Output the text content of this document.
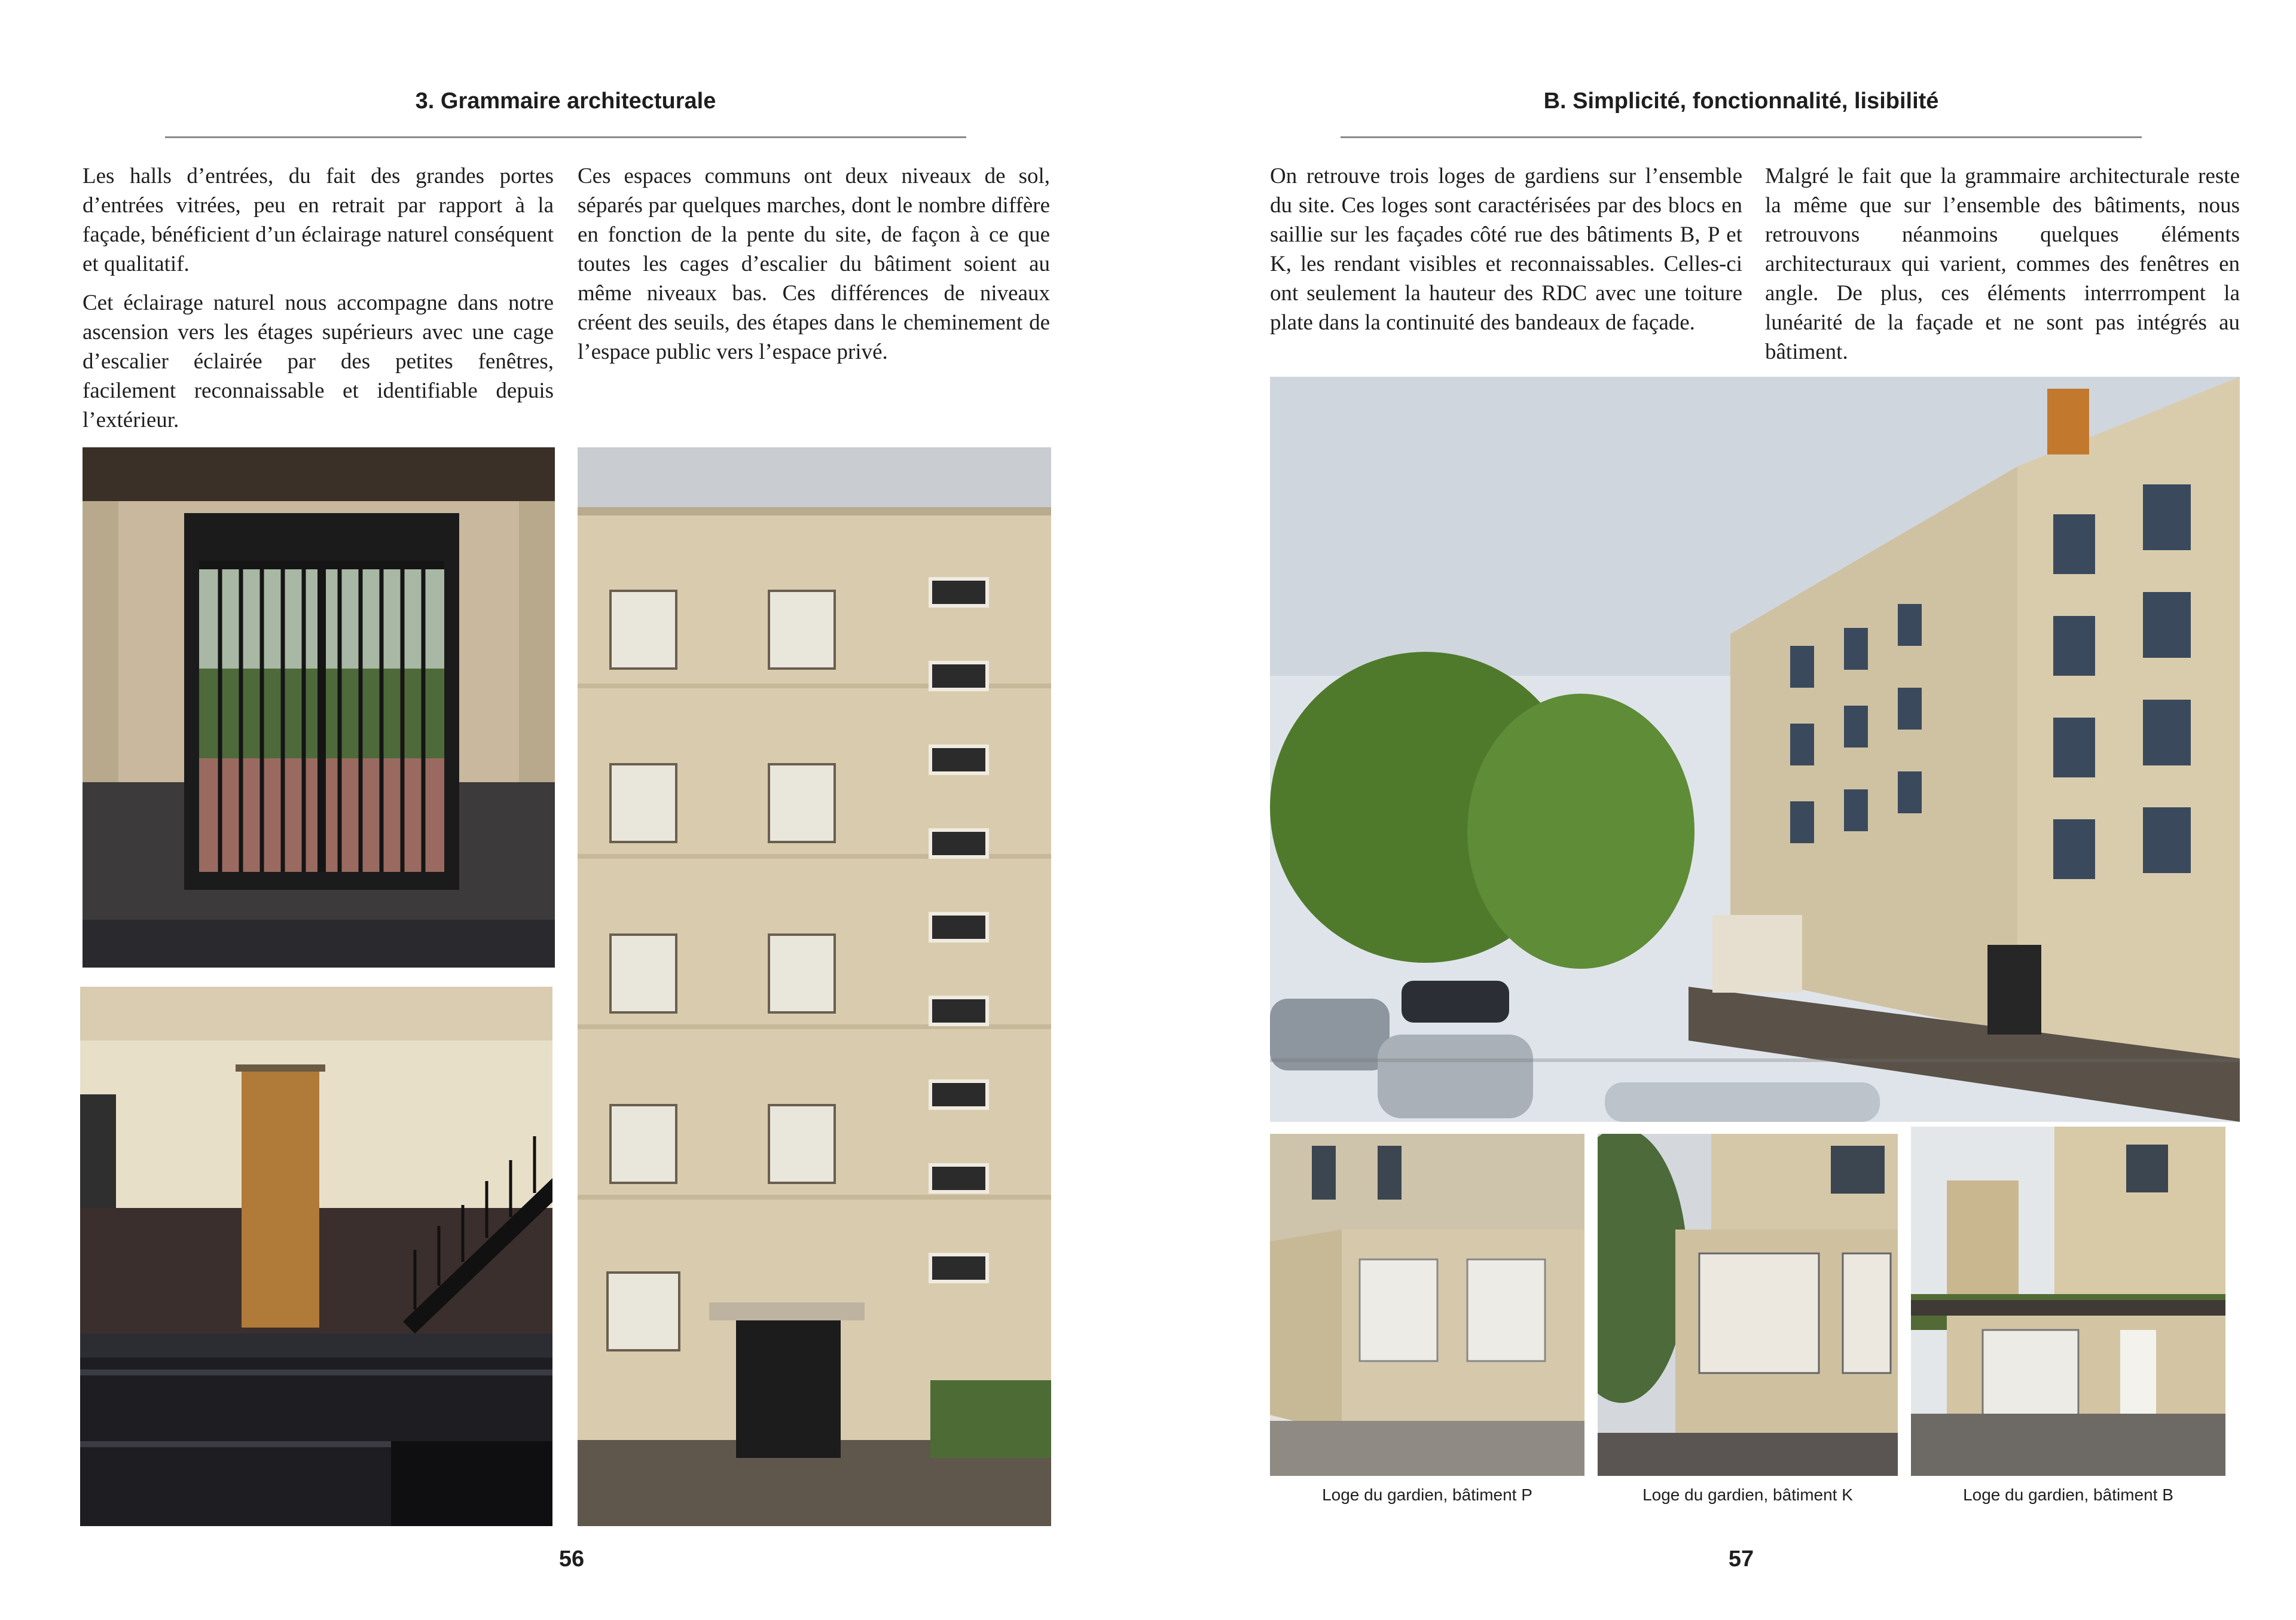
3. Grammaire architecturale

Les halls d’entrées, du fait des grandes portes d’entrées vitrées, peu en retrait par rapport à la façade, bénéficient d’un éclairage naturel conséquent et qualitatif.

Cet éclairage naturel nous accompagne dans notre ascension vers les étages supérieurs avec une cage d’escalier éclairée par des petites fenêtres, facilement reconnaissable et identifiable depuis l’extérieur.

Ces espaces communs ont deux niveaux de sol, séparés par quelques marches, dont le nombre diffère en fonction de la pente du site, de façon à ce que toutes les cages d’escalier du bâtiment soient au même niveaux bas. Ces différences de niveaux créent des seuils, des étapes dans le cheminement de l’espace public vers l’espace privé.

56
B. Simplicité, fonctionnalité, lisibilité

On retrouve trois loges de gardiens sur l’ensemble du site. Ces loges sont caractérisées par des blocs en saillie sur les façades côté rue des bâtiments B, P et K, les rendant visibles et reconnaissables. Celles-ci ont seulement la hauteur des RDC avec une toiture plate dans la continuité des bandeaux de façade.

Malgré le fait que la grammaire architecturale reste la même que sur l’ensemble des bâtiments, nous retrouvons néanmoins quelques éléments architecturaux qui varient, commes des fenêtres en angle. De plus, ces éléments interrrompent la lunéarité de la façade et ne sont pas intégrés au bâtiment.

Loge du gardien, bâtiment P	Loge du gardien, bâtiment K	Loge du gardien, bâtiment B
57
